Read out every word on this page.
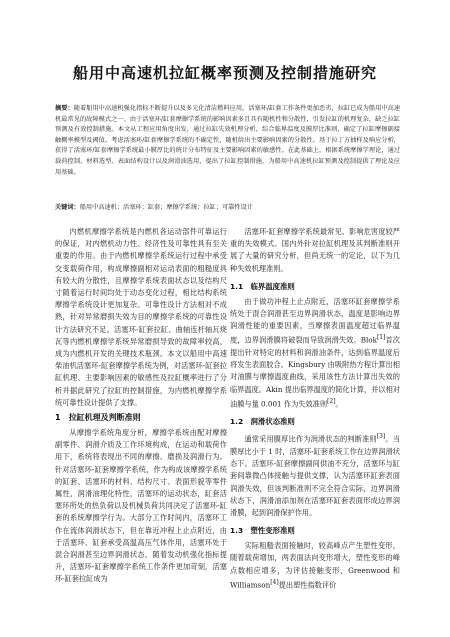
船用中高速机拉缸概率预测及控制措施研究
摘要：随着船用中高速机强化指标不断提升以及多元化清洁燃料应用，活塞环/缸套工作条件更加恶劣，拉缸已成为船用中高速机最常见的故障模式之一。由于活塞环/缸套摩擦学系统的影响因素多且具有随机性和分散性，引发拉缸的机理复杂，缺乏拉缸预测及有效控制措施。本文从工程应用角度出发，通过拉缸失效机理分析，综合临界温度及膜厚比准则，确定了拉缸摩擦副接触概率模型及阈值。考虑活塞环/缸套摩擦学系统的不确定性，随机给出主要影响因素的分散性。基于拉丁方抽样及响应分析，获得了活塞环/缸套摩擦学系统最小膜厚比的统计分布特征及主要影响因素的敏感性。在此基础上，根据系统摩擦学理论，通过载荷控制、材料选型、表面结构设计以及润滑油选用，提出了拉缸控制措施，为船用中高速机拉缸预测及控制提供了理论及应用基础。
关键词：船用中高速机；活塞环；缸套；摩擦学系统；拉缸；可靠性设计

内燃机摩擦学系统是内燃机各运动部件可靠运行的保证，对内燃机动力性、经济性及可靠性具有至关重要的作用。由于内燃机摩擦学系统运行过程中承受交变载荷作用，构成摩擦副相对运动表面的粗糙度具有较大的分散性，且摩擦学系统表面状态以及结构尺寸随着运行时间均处于动态变化过程，相比结构系统摩擦学系统设计更加复杂。可靠性设计方法相对不成熟，针对异常磨损失效为目的摩擦学系统的可靠性设计方法研究不足。活塞环-缸套拉缸、曲轴连杆轴瓦烧瓦等内燃机摩擦学系统异常磨损导致的故障率较高，成为内燃机开发的关键技术瓶颈。本文以船用中高速柴油机活塞环-缸套摩擦学系统为例，对活塞环-缸套拉缸机理、主要影响因素的敏感性及拉缸概率进行了分析并据此研究了拉缸的控制措施，为内燃机摩擦学系统可靠性设计提供了支撑。

1　拉缸机理及判断准则

从摩擦学系统角度分析，摩擦学系统由配对摩擦副零件、润滑介质及工作环境构成，在运动和载荷作用下，系统将表现出不同的摩擦、磨损及润滑行为。针对活塞环-缸套摩擦学系统，作为构成该摩擦学系统的缸套、活塞环的材料、结构尺寸、表面形貌等零件属性，润滑油理化特性，活塞环的运动状态，缸套活塞环所处的热负荷以及机械负荷共同决定了活塞环-缸套的系统摩擦学行为。大部分工作时间内，活塞环工作在流体润滑状态下，但在靠近冲程上止点附近，由于活塞环、缸套承受高温高压气体作用，活塞环处于混合润滑甚至边界润滑状态，随着发动机强化指标提升，活塞环-缸套摩擦学系统工作条件更加苛刻，活塞环-缸套拉缸成为

活塞环-缸套摩擦学系统最常见、影响危害度较严重的失效模式。国内外针对拉缸机理及其判断准则开展了大量的研究分析，但尚无统一的定论，以下为几种失效机理准则。

1.1　临界温度准则

由于做功冲程上止点附近，活塞环缸套摩擦学系统处于混合润滑甚至边界润滑状态，温度是影响边界润滑性能的重要因素，当摩擦表面温度超过临界温度，边界润滑膜将破裂而导致润滑失效。Blok[1]首次提出针对特定的材料和润滑油条件，达到临界温度后将发生表面胶合。Kingsbury 由吸附热方程计算出相对油膜与摩擦温度曲线，采用该性方法计算出失效的临界温度。Akin 提出临界温度的简化计算，并以相对油膜与量 0.001 作为失效准则[2]。

1.2　润滑状态准则

通常采用膜厚比作为润滑状态的判断准则[3]。当膜厚比小于 1 时，活塞环-缸套系统工作在边界润滑状态下。活塞环-缸套摩擦副间供油不充分，活塞环与缸套间靠微凸体接触与提供支撑，认为活塞环缸套表面润滑失效，但该判断准则不完全符合实际，边界润滑状态下，润滑油添加剂在活塞环缸套表面形成边界润滑膜，起到润滑保护作用。

1.3　塑性变形准则

实际粗糙表面接触时，较高峰点产生塑性变形，随着载荷增加，两表面法向变形增大，塑性变形的峰点数相应增多，为评估接触变形，Greenwood 和 Williamson[4]提出塑性指数评价
